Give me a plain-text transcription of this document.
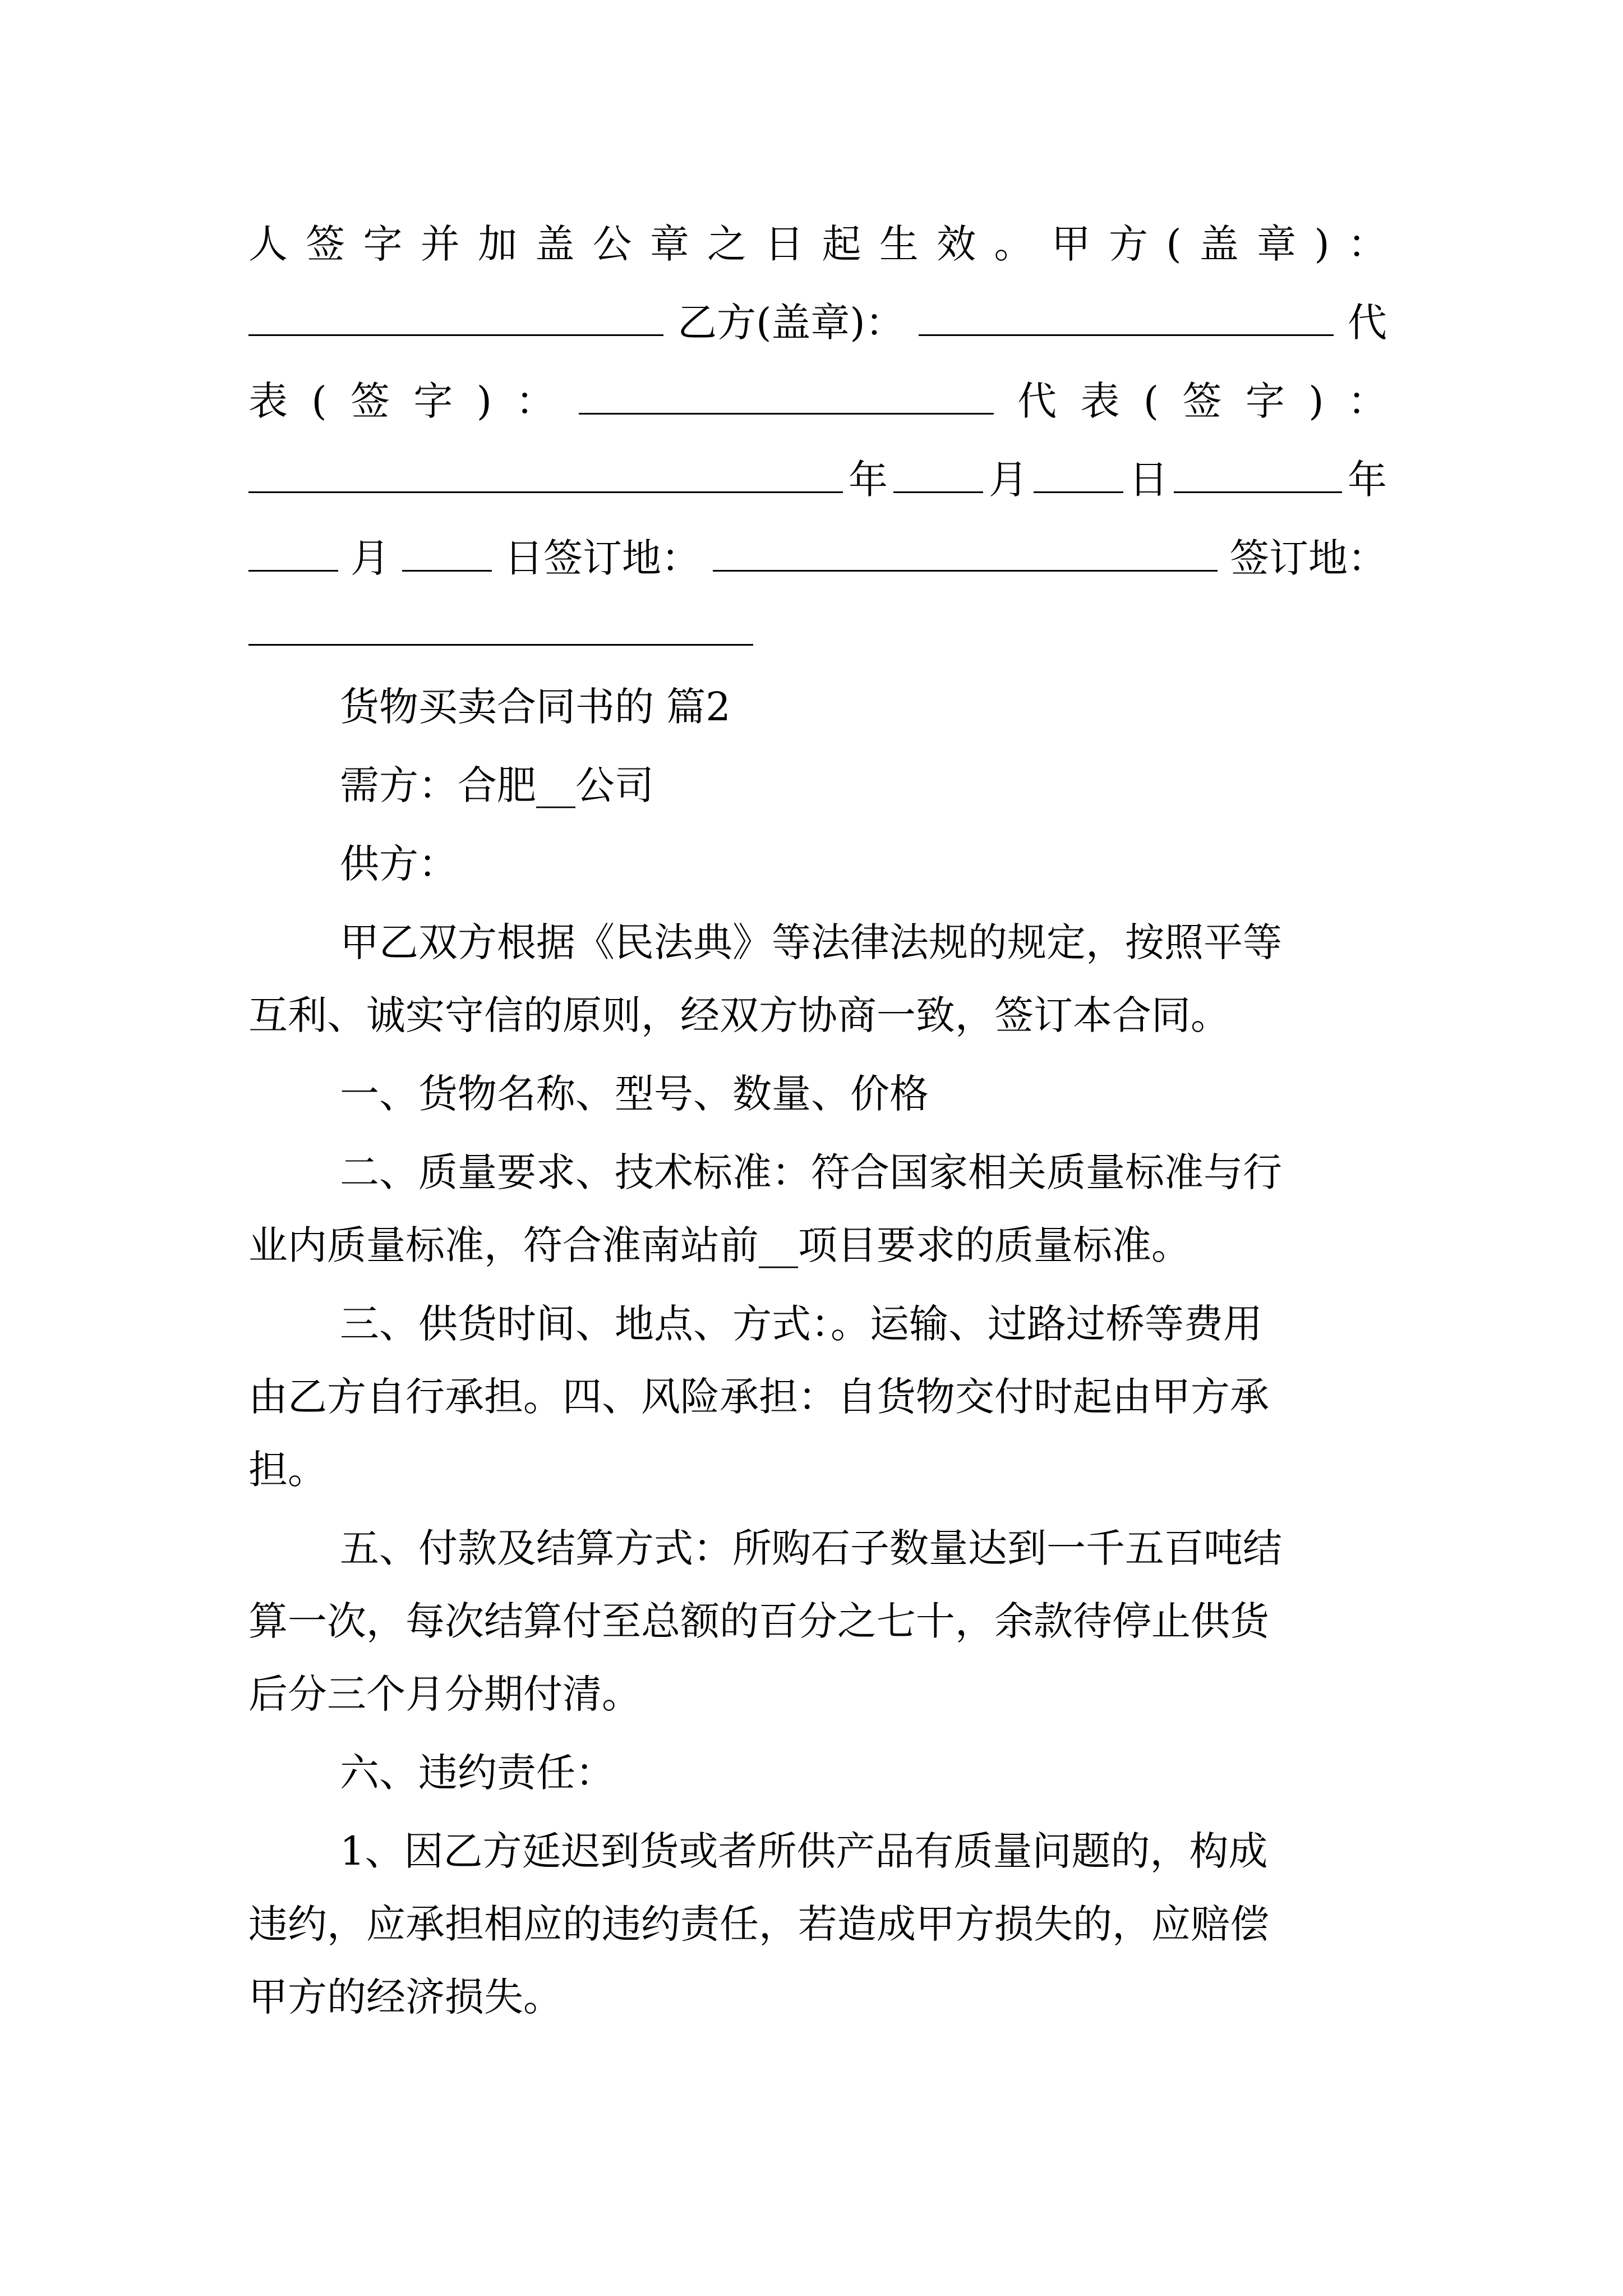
人 签 字 并 加 盖 公 章 之 日 起 生 效 。 甲 方 ( 盖 章 ) ：
乙方(盖章)：	代
表 ( 签 字 ) ：	代 表 ( 签 字 ) ：
年	月	日	年
月	日签订地：	签订地：
货物买卖合同书的 篇2
需方：合肥__公司
供方：
甲乙双方根据《民法典》等法律法规的规定，按照平等
互利、诚实守信的原则，经双方协商一致，签订本合同。
一、货物名称、型号、数量、价格
二、质量要求、技术标准：符合国家相关质量标准与行
业内质量标准，符合淮南站前__项目要求的质量标准。
三、供货时间、地点、方式：。运输、过路过桥等费用
由乙方自行承担。四、风险承担：自货物交付时起由甲方承
担。
五、付款及结算方式：所购石子数量达到一千五百吨结
算一次，每次结算付至总额的百分之七十，余款待停止供货
后分三个月分期付清。
六、违约责任：
1、因乙方延迟到货或者所供产品有质量问题的，构成
违约，应承担相应的违约责任，若造成甲方损失的，应赔偿
甲方的经济损失。
